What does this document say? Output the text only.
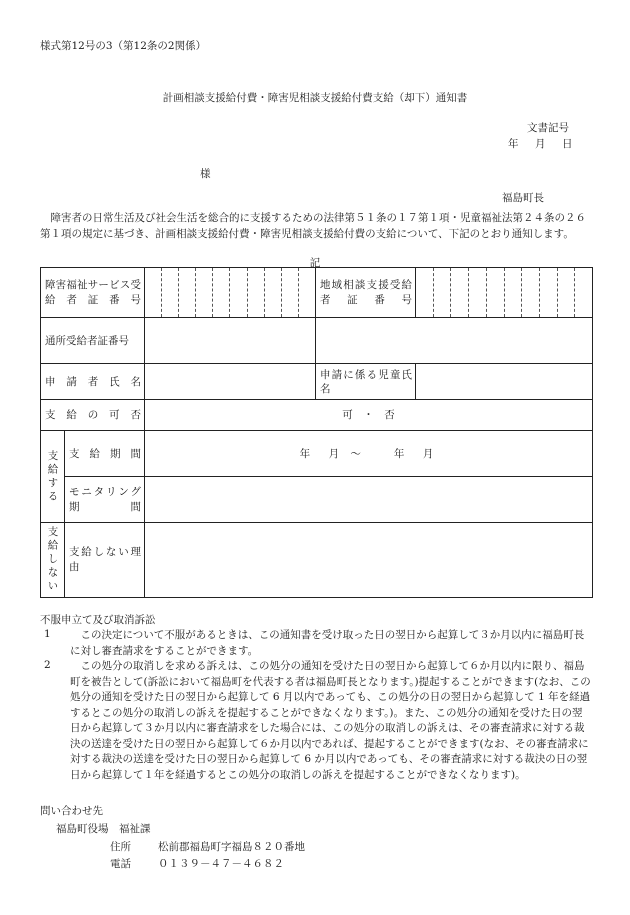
様式第12号の3（第12条の2関係）
計画相談支援給付費・障害児相談支援給付費支給（却下）通知書
文書記号
年　月　日
様
福島町長
障害者の日常生活及び社会生活を総合的に支援するための法律第５１条の１７第１項・児童福祉法第２４条の２６第１項の規定に基づき、計画相談支援給付費・障害児相談支援給付費の支給について、下記のとおり通知します。
記
障害福祉サービス受給者証番号			地域相談支援受給者証番号	

通所受給者証番号				

申請者氏名			申請に係る児童氏名	

支給の可否		可　・　否		

支給する	支給期間	年　月 ～　　年　月		

	モニタリング期間			

支給しない	支給しない理由			

不服申立て及び取消訴訟
1	この決定について不服があるときは、この通知書を受け取った日の翌日から起算して３か月以内に福島町長に対し審査請求をすることができます。
2	この処分の取消しを求める訴えは、この処分の通知を受けた日の翌日から起算して６か月以内に限り、福島町を被告として(訴訟において福島町を代表する者は福島町長となります。)提起することができます(なお、この処分の通知を受けた日の翌日から起算して 6 月以内であっても、この処分の日の翌日から起算して 1 年を経過するとこの処分の取消しの訴えを提起することができなくなります。)。また、この処分の通知を受けた日の翌日から起算して３か月以内に審査請求をした場合には、この処分の取消しの訴えは、その審査請求に対する裁決の送達を受けた日の翌日から起算して６か月以内であれば、提起することができます(なお、その審査請求に対する裁決の送達を受けた日の翌日から起算して 6 か月以内であっても、その審査請求に対する裁決の日の翌日から起算して１年を経過するとこの処分の取消しの訴えを提起することができなくなります)。
問い合わせ先
福島町役場　福祉課
住所	松前郡福島町字福島８２０番地
電話	０１３９－４７－４６８２
